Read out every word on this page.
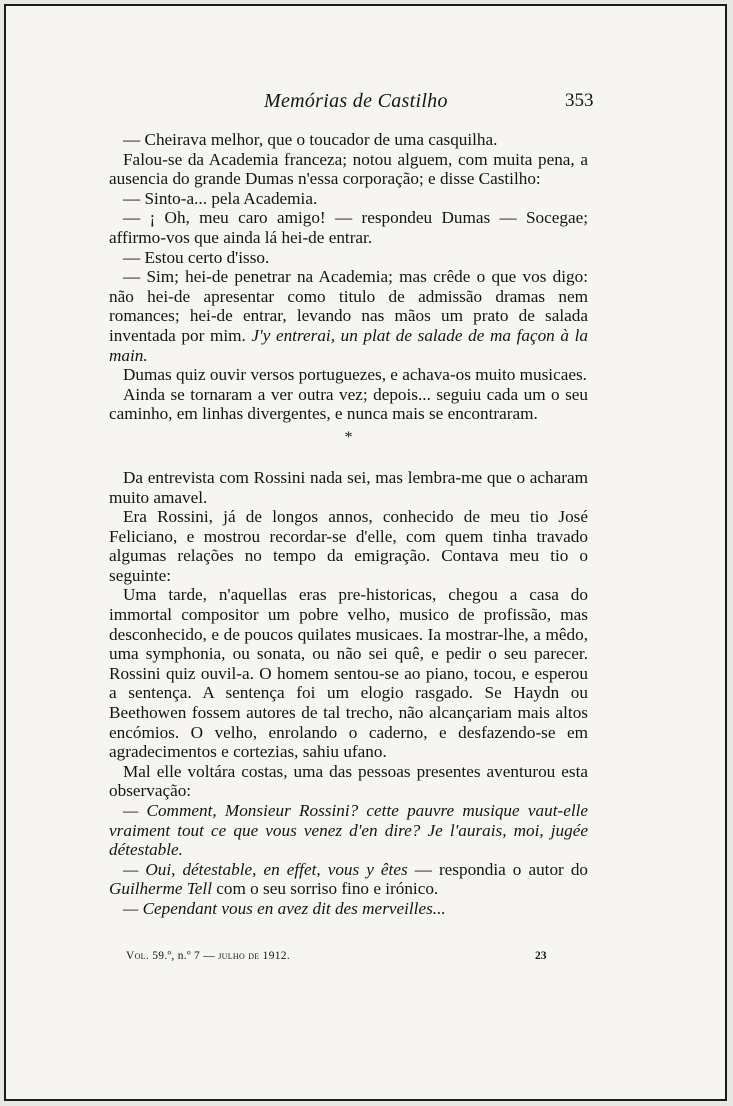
Memórias de Castilho	353
— Cheirava melhor, que o toucador de uma casquilha.
Falou-se da Academia franceza; notou alguem, com muita pena, a ausencia do grande Dumas n'essa corporação; e disse Castilho:
— Sinto-a... pela Academia.
— ¡ Oh, meu caro amigo! — respondeu Dumas — Socegae; affirmo-vos que ainda lá hei-de entrar.
— Estou certo d'isso.
— Sim; hei-de penetrar na Academia; mas crêde o que vos digo: não hei-de apresentar como titulo de admissão dramas nem romances; hei-de entrar, levando nas mãos um prato de salada inventada por mim. J'y entrerai, un plat de salade de ma façon à la main.
Dumas quiz ouvir versos portuguezes, e achava-os muito musicaes.
Ainda se tornaram a ver outra vez; depois... seguiu cada um o seu caminho, em linhas divergentes, e nunca mais se encontraram.
*
Da entrevista com Rossini nada sei, mas lembra-me que o acharam muito amavel.
Era Rossini, já de longos annos, conhecido de meu tio José Feliciano, e mostrou recordar-se d'elle, com quem tinha travado algumas relações no tempo da emigração. Contava meu tio o seguinte:
Uma tarde, n'aquellas eras pre-historicas, chegou a casa do immortal compositor um pobre velho, musico de profissão, mas desconhecido, e de poucos quilates musicaes. Ia mostrar-lhe, a mêdo, uma symphonia, ou sonata, ou não sei quê, e pedir o seu parecer. Rossini quiz ouvil-a. O homem sentou-se ao piano, tocou, e esperou a sentença. A sentença foi um elogio rasgado. Se Haydn ou Beethowen fossem autores de tal trecho, não alcançariam mais altos encómios. O velho, enrolando o caderno, e desfazendo-se em agradecimentos e cortezias, sahiu ufano.
Mal elle voltára costas, uma das pessoas presentes aventurou esta observação:
— Comment, Monsieur Rossini? cette pauvre musique vaut-elle vraiment tout ce que vous venez d'en dire? Je l'aurais, moi, jugée détestable.
— Oui, détestable, en effet, vous y êtes — respondia o autor do Guilherme Tell com o seu sorriso fino e irónico.
— Cependant vous en avez dit des merveilles...
Vol. 59.º, n.º 7 — julho de 1912.	23
